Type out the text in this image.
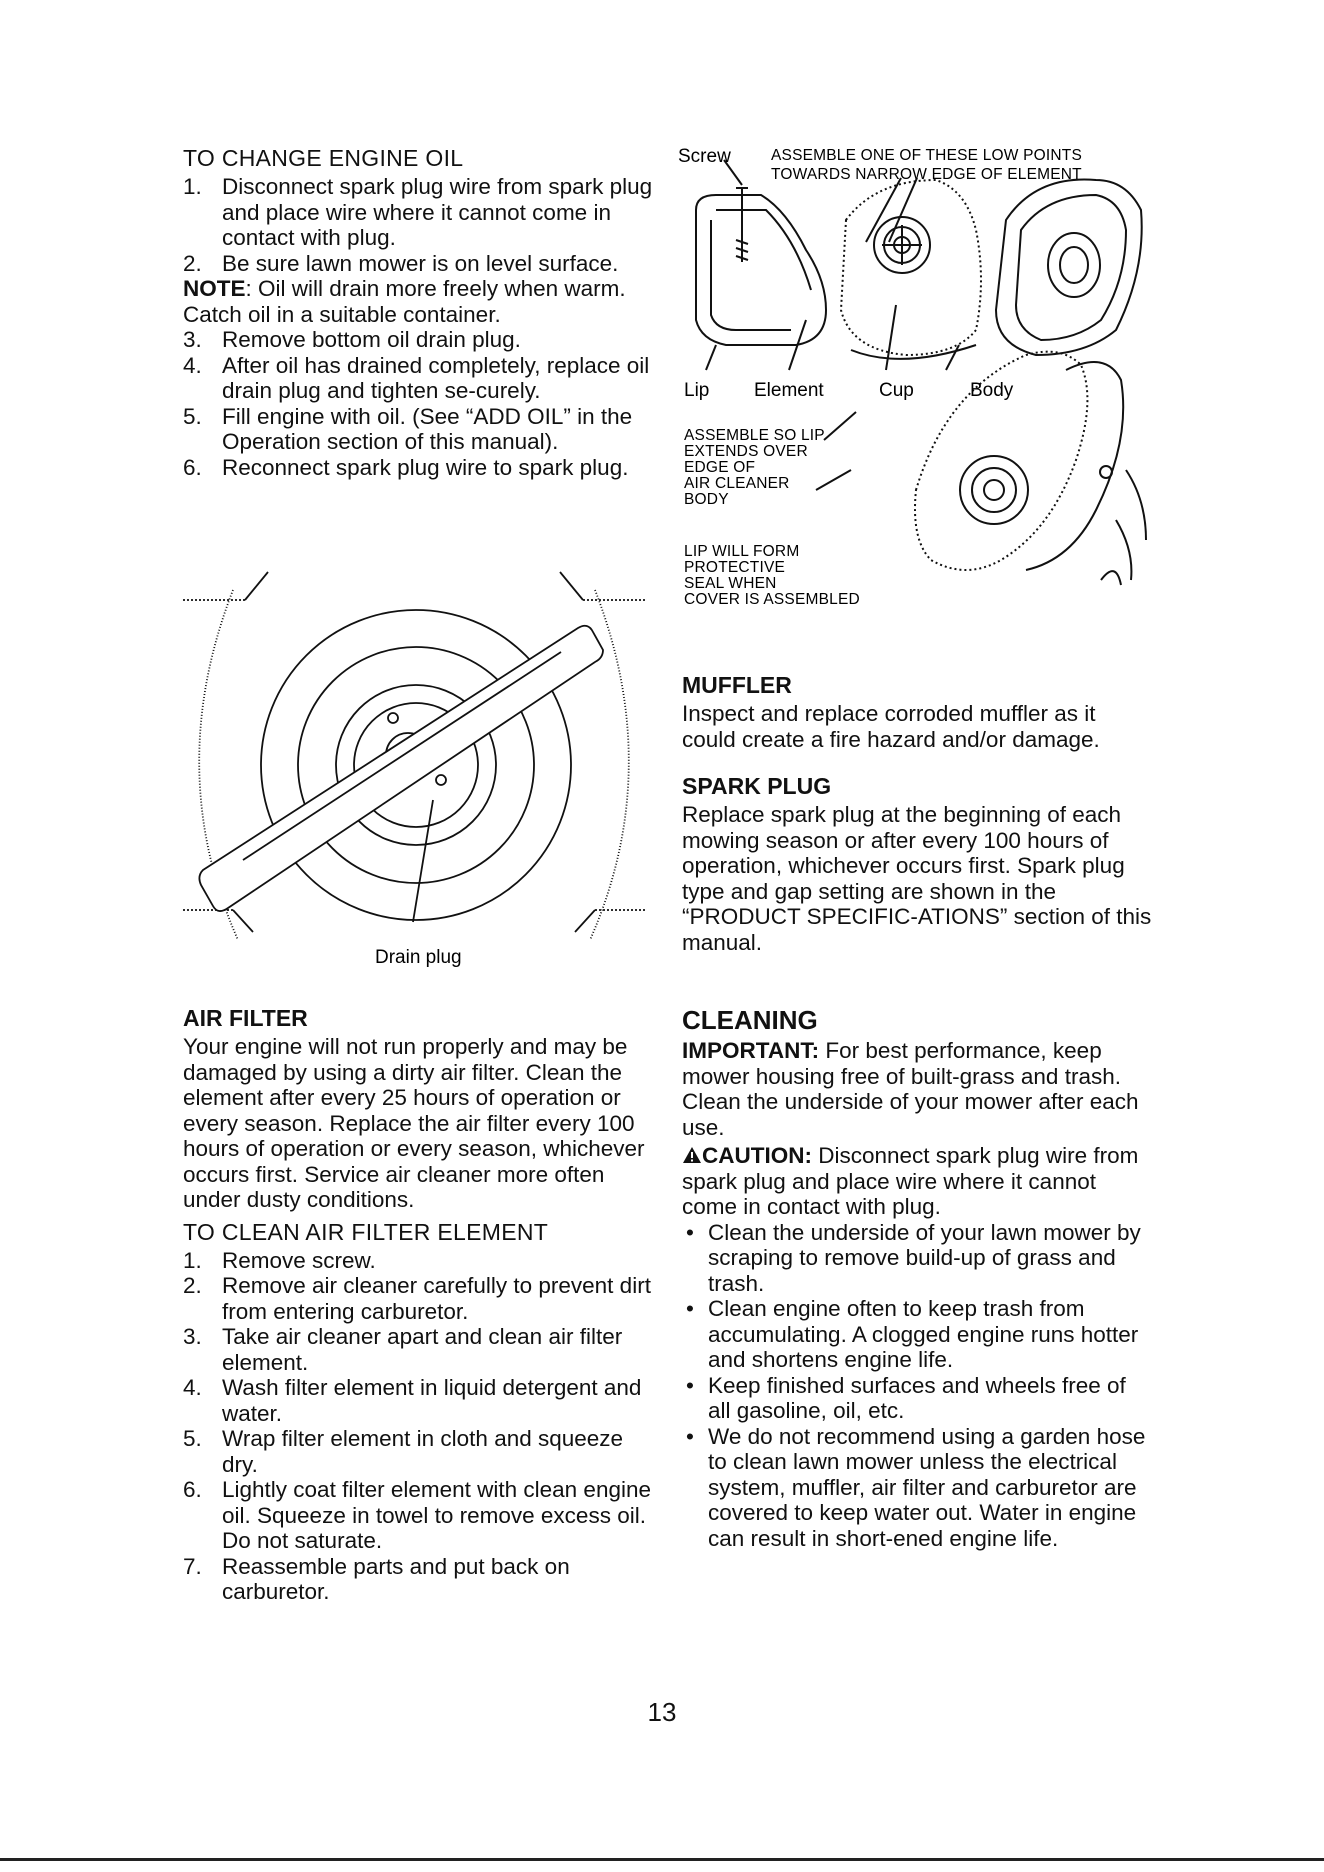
TO CHANGE ENGINE OIL
1. Disconnect spark plug wire from spark plug and place wire where it cannot come in contact with plug.
2. Be sure lawn mower is on level surface.

NOTE: Oil will drain more freely when warm. Catch oil in a suitable container.

3. Remove bottom oil drain plug.
4. After oil has drained completely, replace oil drain plug and tighten se-curely.
5. Fill engine with oil. (See “ADD OIL” in the Operation section of this manual).
6. Reconnect spark plug wire to spark plug.
Screw	ASSEMBLE ONE OF THESE LOW POINTS
TOWARDS NARROW EDGE OF ELEMENT
Lip Element	Cup	Body
ASSEMBLE SO LIP
EXTENDS OVER
EDGE OF
AIR CLEANER
BODY
LIP WILL FORM
PROTECTIVE
SEAL WHEN
COVER IS ASSEMBLED
Drain plug
MUFFLER

Inspect and replace corroded muffler as it could create a fire hazard and/or damage.

SPARK PLUG

Replace spark plug at the beginning of each mowing season or after every 100 hours of operation, whichever occurs first. Spark plug type and gap setting are shown in the “PRODUCT SPECIFIC-ATIONS” section of this manual.

AIR FILTER

Your engine will not run properly and may be damaged by using a dirty air filter. Clean the element after every 25 hours of operation or every season. Replace the air filter every 100 hours of operation or every season, whichever occurs first. Service air cleaner more often under dusty conditions.

TO CLEAN AIR FILTER ELEMENT
1. Remove screw.
2. Remove air cleaner carefully to prevent dirt from entering carburetor.
3. Take air cleaner apart and clean air filter element.
4. Wash filter element in liquid detergent and water.
5. Wrap filter element in cloth and squeeze dry.
6. Lightly coat filter element with clean engine oil. Squeeze in towel to remove excess oil. Do not saturate.
7. Reassemble parts and put back on carburetor.
CLEANING

IMPORTANT: For best performance, keep mower housing free of built-grass and trash. Clean the underside of your mower after each use.

CAUTION: Disconnect spark plug wire from spark plug and place wire where it cannot come in contact with plug.

• Clean the underside of your lawn mower by scraping to remove build-up of grass and trash.
• Clean engine often to keep trash from accumulating. A clogged engine runs hotter and shortens engine life.
• Keep finished surfaces and wheels free of all gasoline, oil, etc.
• We do not recommend using a garden hose to clean lawn mower unless the electrical system, muffler, air filter and carburetor are covered to keep water out. Water in engine can result in short-ened engine life.
13
